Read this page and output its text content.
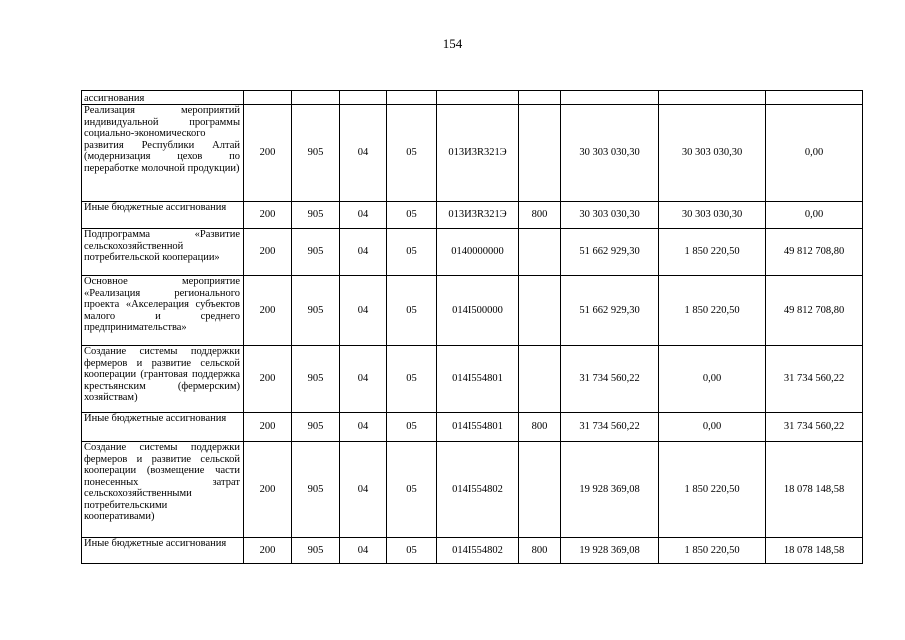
154
ассигнования									
Реализация мероприятий индивидуальной программы социально-экономического развития Республики Алтай (модернизация цехов по переработке молочной продукции)	200	905	04	05	013И3R321Э		30 303 030,30	30 303 030,30	0,00
Иные бюджетные ассигнования	200	905	04	05	013И3R321Э	800	30 303 030,30	30 303 030,30	0,00
Подпрограмма «Развитие сельскохозяйственной потребительской кооперации»	200	905	04	05	0140000000		51 662 929,30	1 850 220,50	49 812 708,80
Основное мероприятие «Реализация регионального проекта «Акселерация субъектов малого и среднего предпринимательства»	200	905	04	05	014I500000		51 662 929,30	1 850 220,50	49 812 708,80
Создание системы поддержки фермеров и развитие сельской кооперации (грантовая поддержка крестьянским (фермерским) хозяйствам)	200	905	04	05	014I554801		31 734 560,22	0,00	31 734 560,22
Иные бюджетные ассигнования	200	905	04	05	014I554801	800	31 734 560,22	0,00	31 734 560,22
Создание системы поддержки фермеров и развитие сельской кооперации (возмещение части понесенных затрат сельскохозяйственными потребительскими кооперативами)	200	905	04	05	014I554802		19 928 369,08	1 850 220,50	18 078 148,58
Иные бюджетные ассигнования	200	905	04	05	014I554802	800	19 928 369,08	1 850 220,50	18 078 148,58
